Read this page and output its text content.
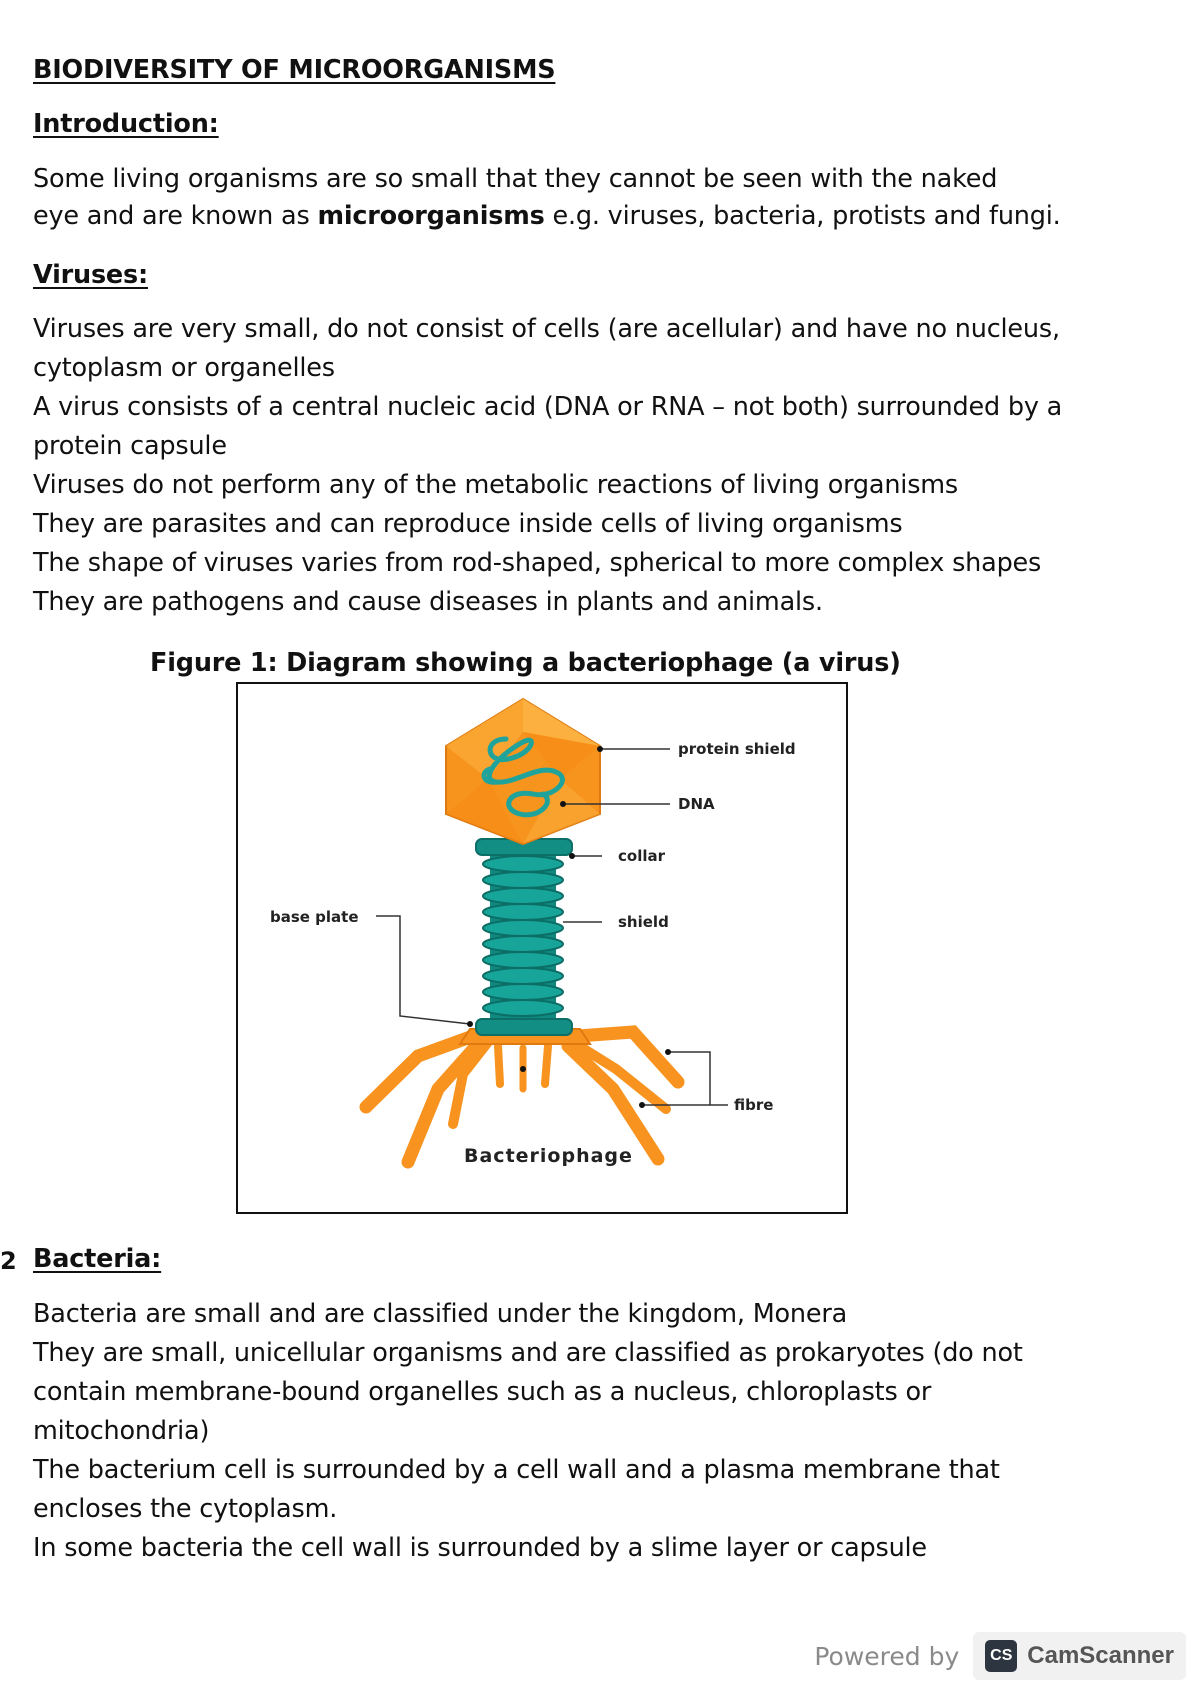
BIODIVERSITY OF MICROORGANISMS

Introduction:

Some living organisms are so small that they cannot be seen with the naked

eye and are known as microorganisms e.g. viruses, bacteria, protists and fungi.

Viruses:

Viruses are very small, do not consist of cells (are acellular) and have no nucleus,

cytoplasm or organelles

A virus consists of a central nucleic acid (DNA or RNA – not both) surrounded by a

protein capsule

Viruses do not perform any of the metabolic reactions of living organisms

They are parasites and can reproduce inside cells of living organisms

The shape of viruses varies from rod-shaped, spherical to more complex shapes

They are pathogens and cause diseases in plants and animals.

Figure 1: Diagram showing a bacteriophage (a virus)

protein shield
DNA
collar
shield
base plate
fibre
Bacteriophage
2 Bacteria:

Bacteria are small and are classified under the kingdom, Monera

They are small, unicellular organisms and are classified as prokaryotes (do not

contain membrane-bound organelles such as a nucleus, chloroplasts or

mitochondria)

The bacterium cell is surrounded by a cell wall and a plasma membrane that

encloses the cytoplasm.

In some bacteria the cell wall is surrounded by a slime layer or capsule

Powered by	CS CamScanner
